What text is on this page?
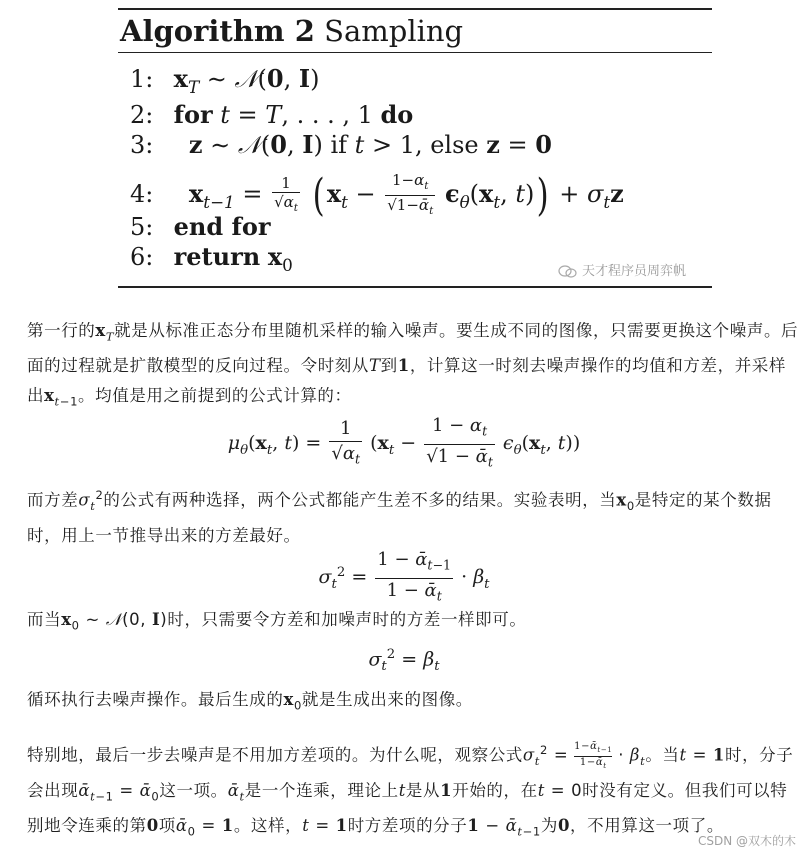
Algorithm 2 Sampling
1: $x_T$ ∼ 𝒩(0, I)
2: for t = T, . . . , 1 do
3: z ∼ 𝒩(0, I) if t > 1, else z = 0
4: $x_{t-1} = \frac{1}{√\alpha_t}$ ( $x_t - \frac{1-\alpha_t}{√1-ᾱ_t} \epsilon_\theta(x_t$, $t)) + \sigma_tz$
5: end for
6: return $x_0$	天才程序员周弈帆
第一行的$x_T$就是从标准正态分布里随机采样的输入噪声。要生成不同的图像，只需要更换这个噪声。后面的过程就是扩散模型的反向过程。令时刻从T到1，计算这一时刻去噪声操作的均值和方差，并采样出$x_{t-1}$。均值是用之前提到的公式计算的：
$\mu_\theta(x_t$, $t) = \frac{1}{√\alpha_t} (x_t - \frac{1 - \alpha_t}{√1 - ᾱ_t} \epsilon_\theta(x_t$, t))
而方差$\sigma_t^2$的公式有两种选择，两个公式都能产生差不多的结果。实验表明，当$x_0$是特定的某个数据时，用上一节推导出来的方差最好。
$\sigma_t^2 = \frac{1 - ᾱ_{t-1}}{1 - ᾱ_t} \cdot \beta_t$
而当$x_0$ ∼ 𝒩(0, I)时，只需要令方差和加噪声时的方差一样即可。
$\sigma_t^2 = \beta_t$
循环执行去噪声操作。最后生成的$x_0$就是生成出来的图像。
特别地，最后一步去噪声是不用加方差项的。为什么呢，观察公式$\sigma_t^2 = \frac{1-ᾱ_{t-1}}{1-ᾱ_t} \cdot \beta_t$。当t = 1时，分子会出现ᾱ$_{t-1}$ = ᾱ$_0$这一项。ᾱ$_t$是一个连乘，理论上t是从1开始的，在t = 0时没有定义。但我们可以特别地令连乘的第0项ᾱ$_0$ = 1。这样，t = 1时方差项的分子1 − ᾱ$_{t-1}$为0，不用算这一项了。
CSDN @双木的木
